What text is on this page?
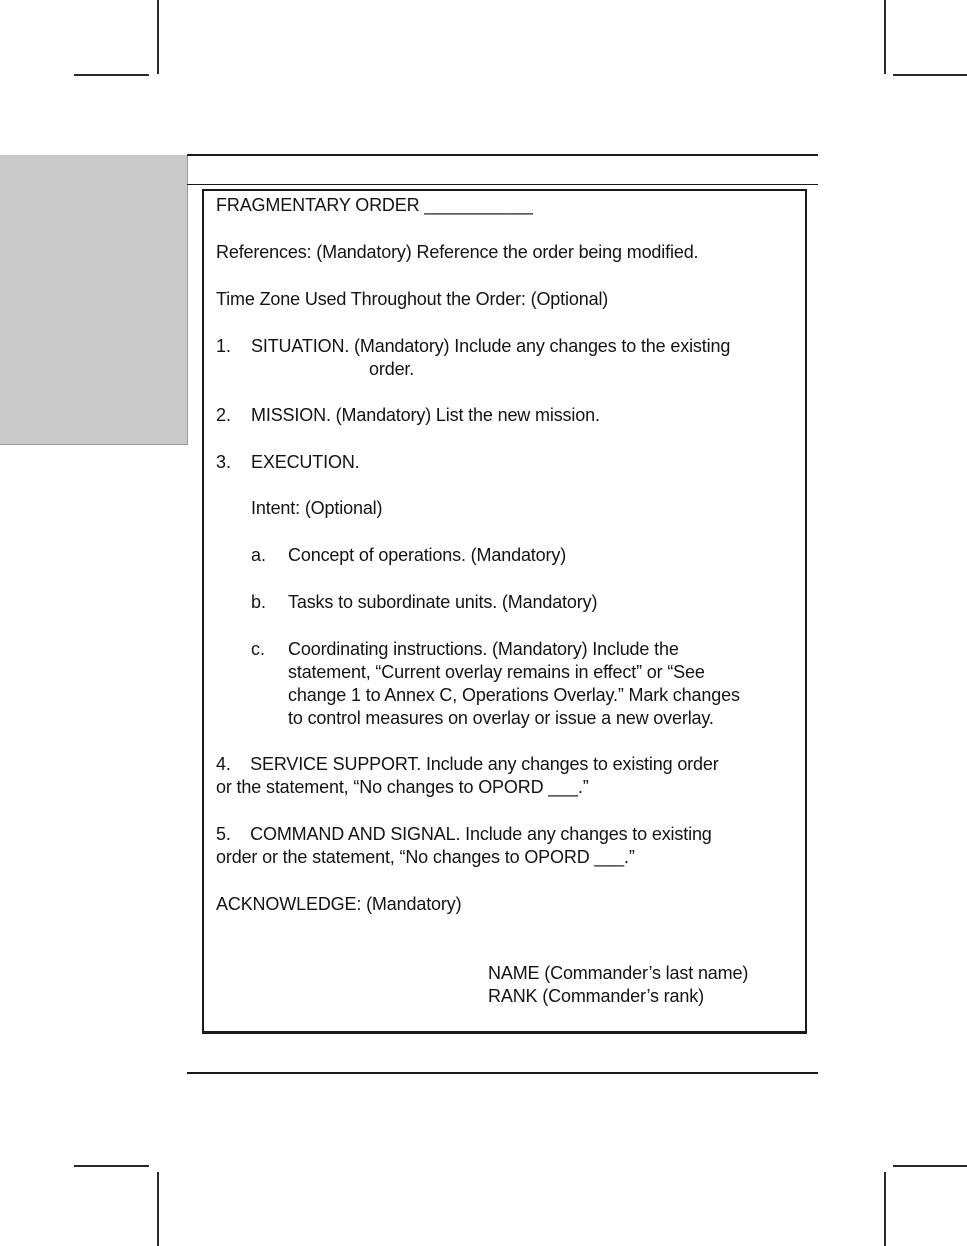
FRAGMENTARY ORDER ___________
References: (Mandatory) Reference the order being modified.
Time Zone Used Throughout the Order: (Optional)
1. SITUATION. (Mandatory) Include any changes to the existing
order.
2. MISSION. (Mandatory) List the new mission.
3. EXECUTION.
Intent: (Optional)
a. Concept of operations. (Mandatory)
b. Tasks to subordinate units. (Mandatory)
c. Coordinating instructions. (Mandatory) Include the
statement, “Current overlay remains in effect” or “See
change 1 to Annex C, Operations Overlay.” Mark changes
to control measures on overlay or issue a new overlay.
4.    SERVICE SUPPORT. Include any changes to existing order
or the statement, “No changes to OPORD ___.”
5.    COMMAND AND SIGNAL. Include any changes to existing
order or the statement, “No changes to OPORD ___.”
ACKNOWLEDGE: (Mandatory)
NAME (Commander’s last name)
RANK (Commander’s rank)
